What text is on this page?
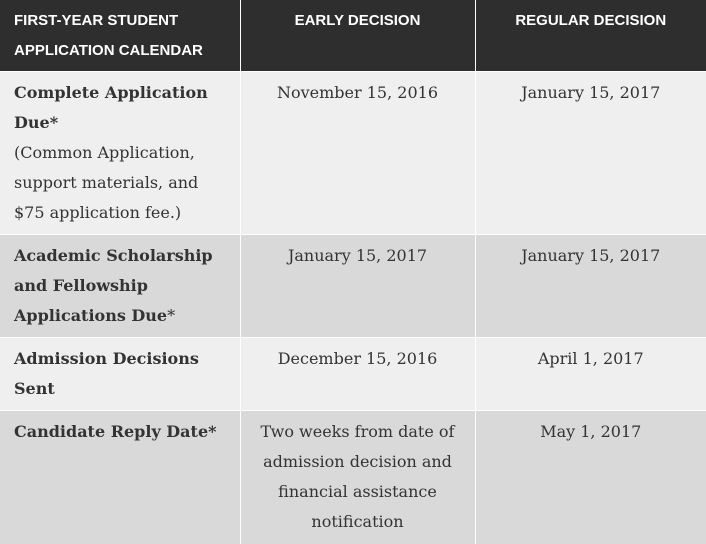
FIRST-YEAR STUDENT APPLICATION CALENDAR	EARLY DECISION	REGULAR DECISION
Complete Application Due*
(Common Application, support materials, and $75 application fee.)	November 15, 2016	January 15, 2017
Academic Scholarship and Fellowship Applications Due*	January 15, 2017	January 15, 2017
Admission Decisions Sent	December 15, 2016	April 1, 2017
Candidate Reply Date*	Two weeks from date of admission decision and financial assistance notification	May 1, 2017
